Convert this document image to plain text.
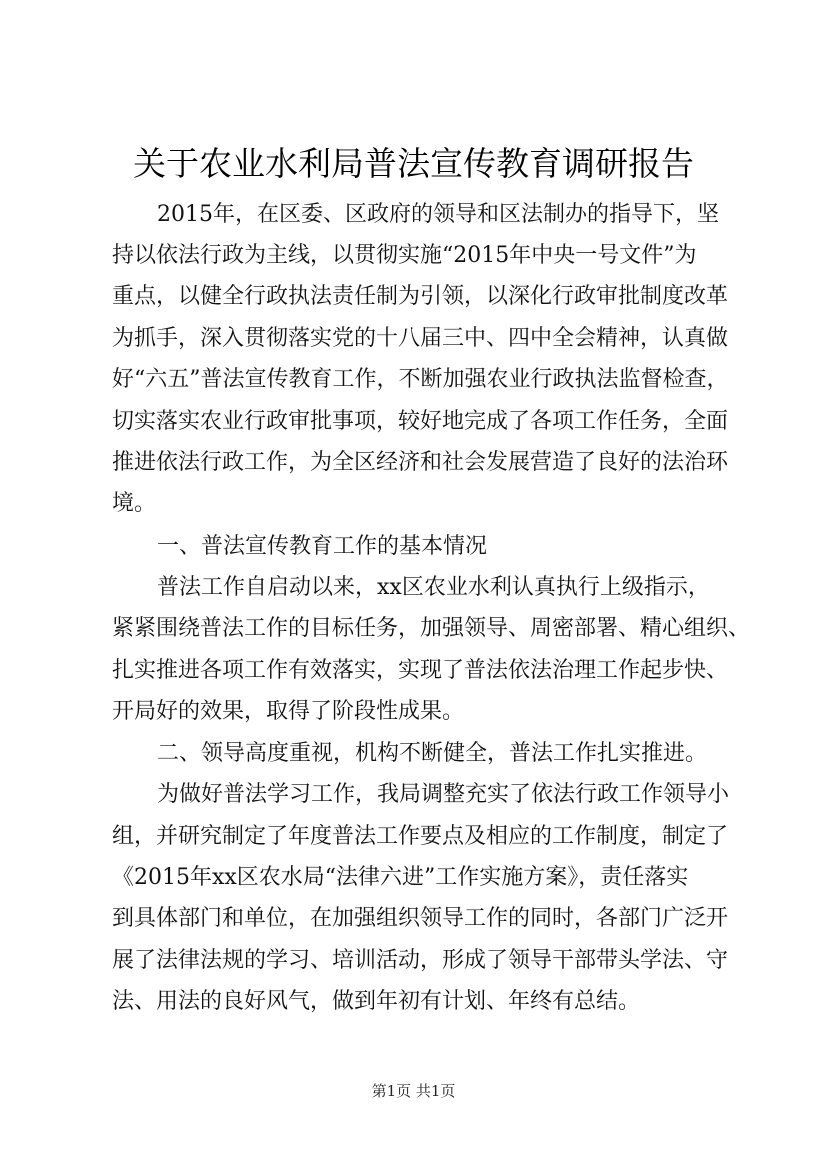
关于农业水利局普法宣传教育调研报告

2015年，在区委、区政府的领导和区法制办的指导下，坚

持以依法行政为主线，以贯彻实施“2015年中央一号文件”为

重点，以健全行政执法责任制为引领，以深化行政审批制度改革

为抓手，深入贯彻落实党的十八届三中、四中全会精神，认真做

好“六五”普法宣传教育工作，不断加强农业行政执法监督检查，

切实落实农业行政审批事项，较好地完成了各项工作任务，全面

推进依法行政工作，为全区经济和社会发展营造了良好的法治环

境。

一、普法宣传教育工作的基本情况

普法工作自启动以来，xx区农业水利认真执行上级指示，

紧紧围绕普法工作的目标任务，加强领导、周密部署、精心组织、

扎实推进各项工作有效落实，实现了普法依法治理工作起步快、

开局好的效果，取得了阶段性成果。

二、领导高度重视，机构不断健全，普法工作扎实推进。

为做好普法学习工作，我局调整充实了依法行政工作领导小

组，并研究制定了年度普法工作要点及相应的工作制度，制定了

《2015年xx区农水局“法律六进”工作实施方案》，责任落实

到具体部门和单位，在加强组织领导工作的同时，各部门广泛开

展了法律法规的学习、培训活动，形成了领导干部带头学法、守

法、用法的良好风气，做到年初有计划、年终有总结。

第1页 共1页
